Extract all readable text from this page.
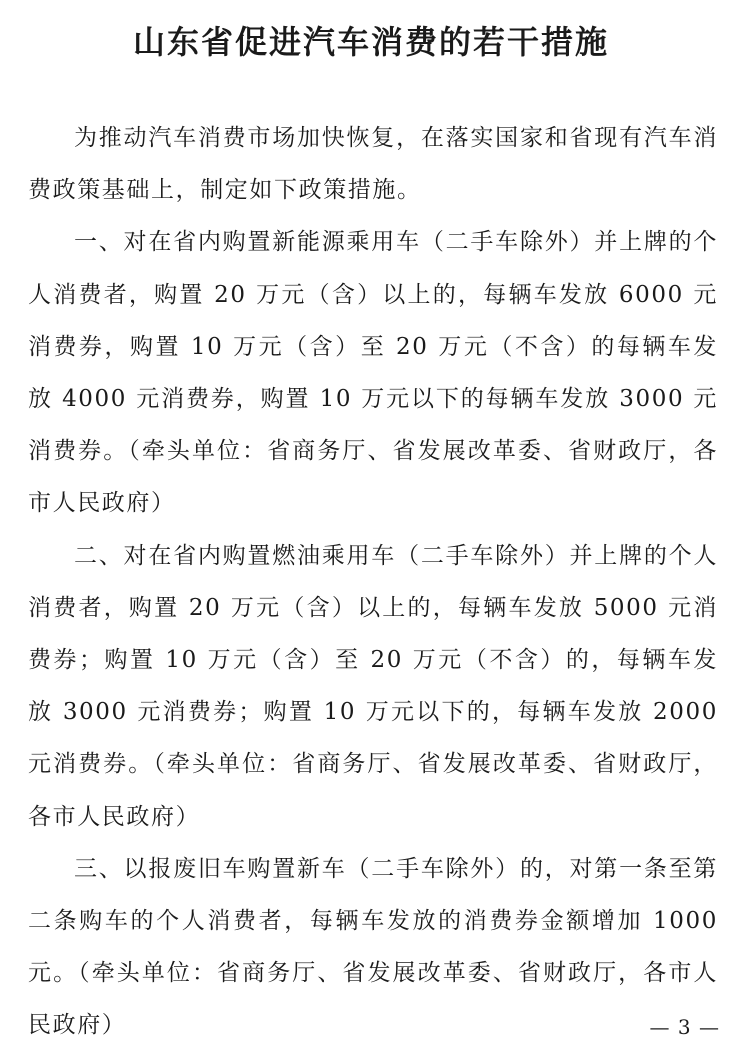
山东省促进汽车消费的若干措施

为推动汽车消费市场加快恢复，在落实国家和省现有汽车消费政策基础上，制定如下政策措施。

一、对在省内购置新能源乘用车（二手车除外）并上牌的个人消费者，购置 20 万元（含）以上的，每辆车发放 6000 元消费券，购置 10 万元（含）至 20 万元（不含）的每辆车发放 4000 元消费券，购置 10 万元以下的每辆车发放 3000 元消费券。（牵头单位：省商务厅、省发展改革委、省财政厅，各市人民政府）

二、对在省内购置燃油乘用车（二手车除外）并上牌的个人消费者，购置 20 万元（含）以上的，每辆车发放 5000 元消费券；购置 10 万元（含）至 20 万元（不含）的，每辆车发放 3000 元消费券；购置 10 万元以下的，每辆车发放 2000 元消费券。（牵头单位：省商务厅、省发展改革委、省财政厅，各市人民政府）

三、以报废旧车购置新车（二手车除外）的，对第一条至第二条购车的个人消费者，每辆车发放的消费券金额增加 1000 元。（牵头单位：省商务厅、省发展改革委、省财政厅，各市人民政府）	— 3 —
